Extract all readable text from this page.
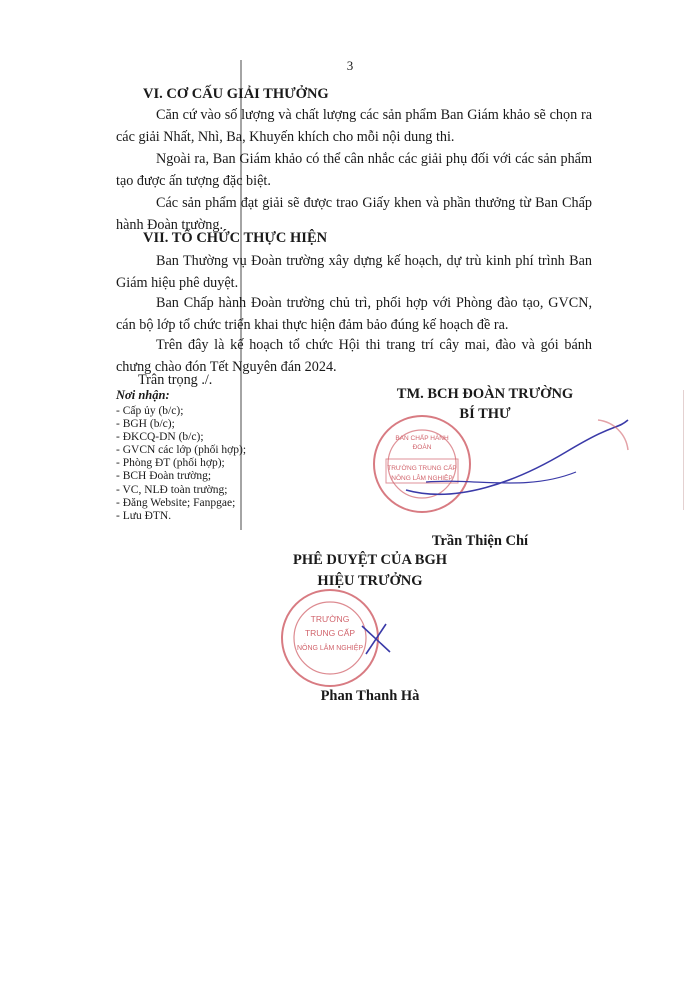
3
VI. CƠ CẤU GIẢI THƯỞNG

Căn cứ vào số lượng và chất lượng các sản phẩm Ban Giám khảo sẽ chọn ra các giải Nhất, Nhì, Ba, Khuyến khích cho mỗi nội dung thi.

Ngoài ra, Ban Giám khảo có thể cân nhắc các giải phụ đối với các sản phẩm tạo được ấn tượng đặc biệt.

Các sản phẩm đạt giải sẽ được trao Giấy khen và phần thưởng từ Ban Chấp hành Đoàn trường.

VII. TỔ CHỨC THỰC HIỆN

Ban Thường vụ Đoàn trường xây dựng kế hoạch, dự trù kinh phí trình Ban Giám hiệu phê duyệt.

Ban Chấp hành Đoàn trường chủ trì, phối hợp với Phòng đào tạo, GVCN, cán bộ lớp tổ chức triển khai thực hiện đảm bảo đúng kế hoạch đề ra.

Trên đây là kế hoạch tổ chức Hội thi trang trí cây mai, đào và gói bánh chưng chào đón Tết Nguyên đán 2024.

Trân trọng ./.
Nơi nhận:
- Cấp ủy (b/c);
- BGH (b/c);
- ĐKCQ-DN (b/c);
- GVCN các lớp (phối hợp);
- Phòng ĐT (phối hợp);
- BCH Đoàn trường;
- VC, NLĐ toàn trường;
- Đăng Website; Fanpgae;
- Lưu ĐTN.
TM. BCH ĐOÀN TRƯỜNG
BÍ THƯ
BAN CHẤP HÀNH
ĐOÀN
TRƯỜNG TRUNG CẤP
NÔNG LÂM NGHIỆP
Trần Thiện Chí
PHÊ DUYỆT CỦA BGH
HIỆU TRƯỞNG
TRƯỜNG
TRUNG CẤP
NÔNG LÂM NGHIỆP
Phan Thanh Hà
